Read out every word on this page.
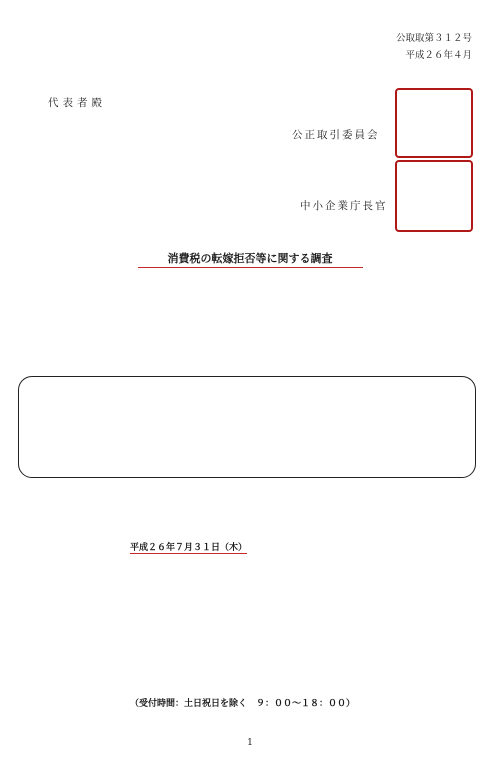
公取取第３１２号
平成２６年４月
代表者殿
公正取引委員会
中小企業庁長官
消費税の転嫁拒否等に関する調査
平成２６年７月３１日（木）
（受付時間：土日祝日を除く　９：００〜１８：００）
1
